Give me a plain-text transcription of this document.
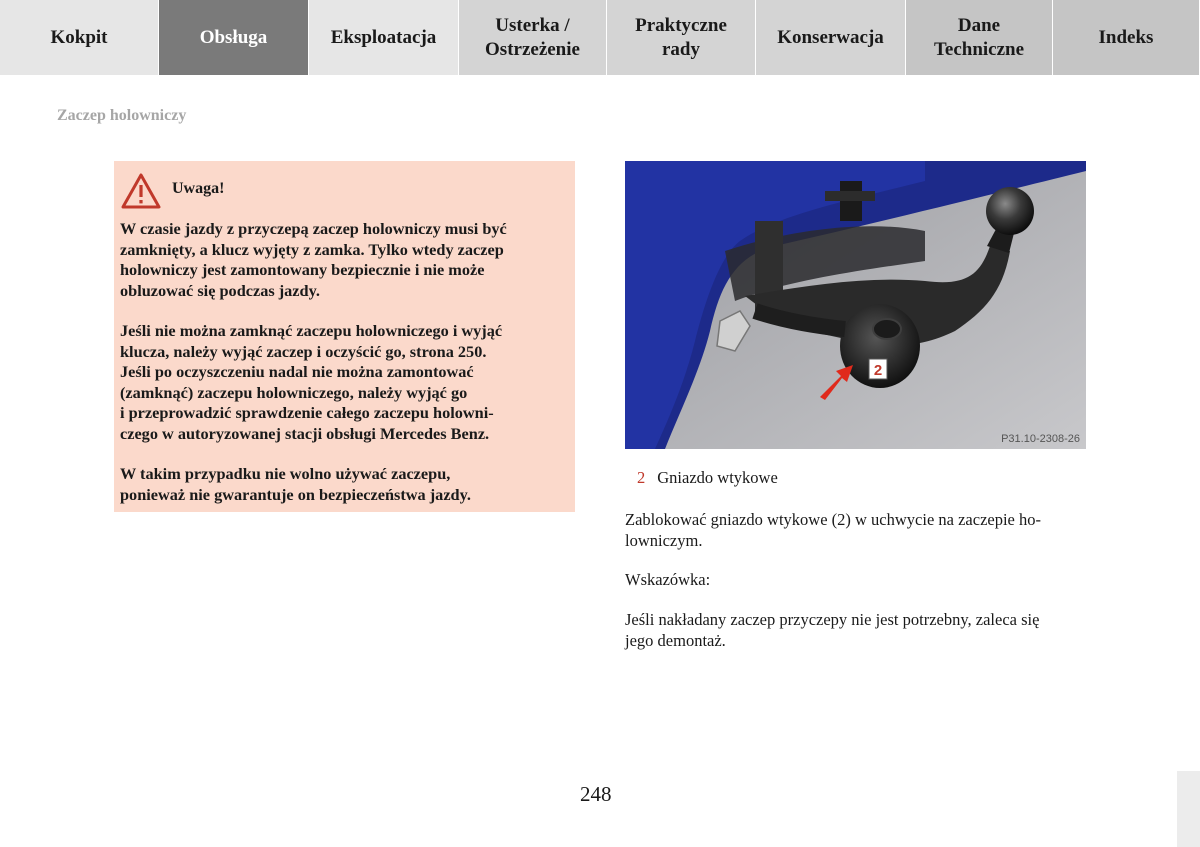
Kokpit	Obsługa	Eksploatacja
Usterka /
Ostrzeżenie
Praktyczne
rady
Konserwacja
Dane
Techniczne
Indeks
Zaczep holowniczy
Uwaga!

W czasie jazdy z przyczepą zaczep holowniczy musi być
zamknięty, a klucz wyjęty z zamka. Tylko wtedy zaczep
holowniczy jest zamontowany bezpiecznie i nie może
obluzować się podczas jazdy.

Jeśli nie można zamknąć zaczepu holowniczego i wyjąć
klucza, należy wyjąć zaczep i oczyścić go, strona 250.
Jeśli po oczyszczeniu nadal nie można zamontować
(zamknąć) zaczepu holowniczego, należy wyjąć go
i przeprowadzić sprawdzenie całego zaczepu holowni-
czego w autoryzowanej stacji obsługi Mercedes Benz.

W takim przypadku nie wolno używać zaczepu,
ponieważ nie gwarantuje on bezpieczeństwa jazdy.

2
P31.10-2308-26
2 Gniazdo wtykowe
Zablokować gniazdo wtykowe (2) w uchwycie na zaczepie ho-
lowniczym.
Wskazówka:
Jeśli nakładany zaczep przyczepy nie jest potrzebny, zaleca się
jego demontaż.
248
